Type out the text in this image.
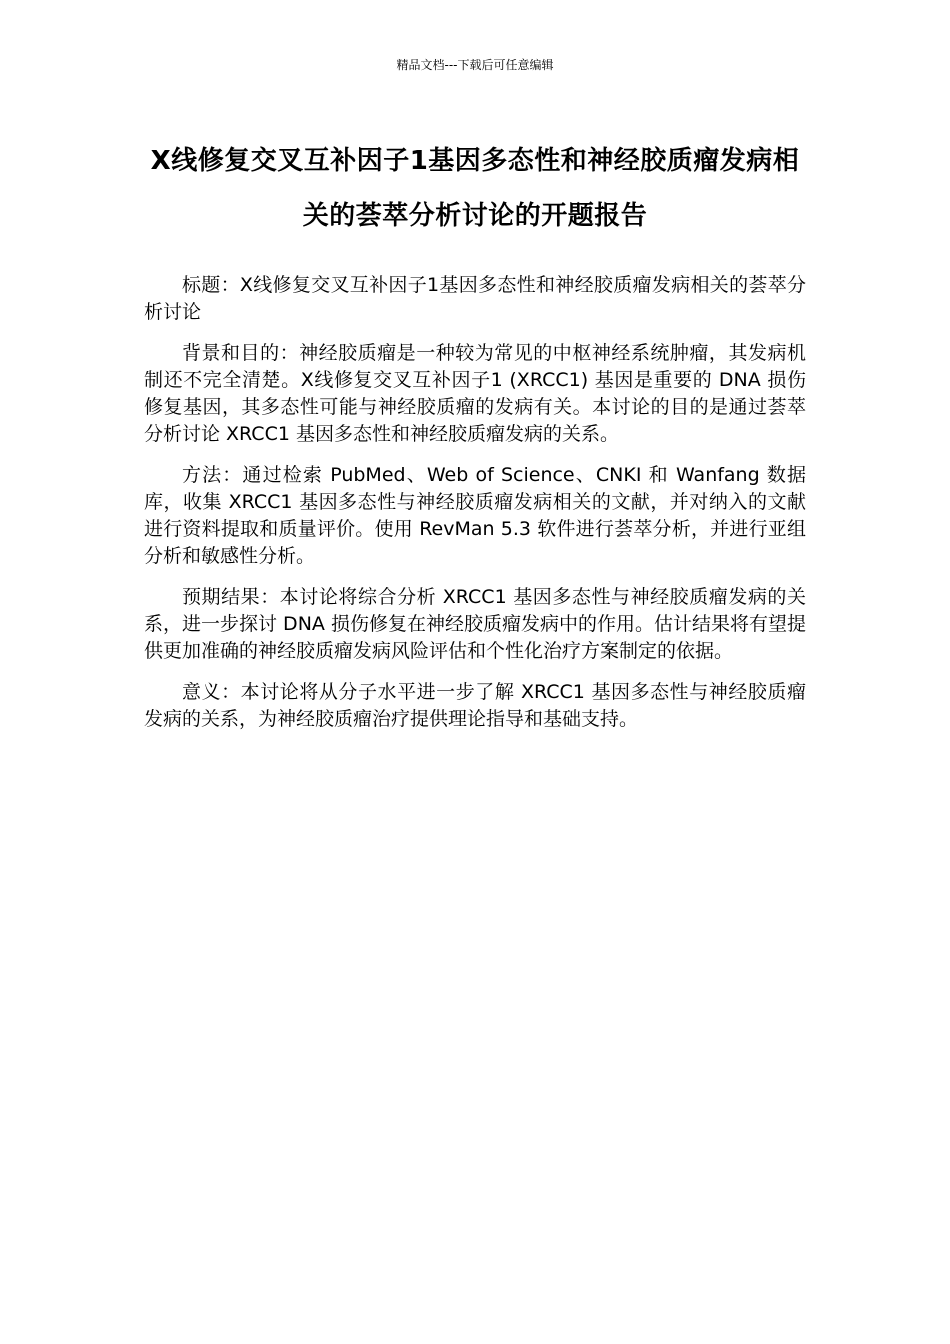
精品文档---下载后可任意编辑
X线修复交叉互补因子1基因多态性和神经胶质瘤发病相关的荟萃分析讨论的开题报告

标题：X线修复交叉互补因子1基因多态性和神经胶质瘤发病相关的荟萃分析讨论

背景和目的：神经胶质瘤是一种较为常见的中枢神经系统肿瘤，其发病机制还不完全清楚。X线修复交叉互补因子1 (XRCC1) 基因是重要的 DNA 损伤修复基因，其多态性可能与神经胶质瘤的发病有关。本讨论的目的是通过荟萃分析讨论 XRCC1 基因多态性和神经胶质瘤发病的关系。

方法：通过检索 PubMed、Web of Science、CNKI 和 Wanfang 数据库，收集 XRCC1 基因多态性与神经胶质瘤发病相关的文献，并对纳入的文献进行资料提取和质量评价。使用 RevMan 5.3 软件进行荟萃分析，并进行亚组分析和敏感性分析。

预期结果：本讨论将综合分析 XRCC1 基因多态性与神经胶质瘤发病的关系，进一步探讨 DNA 损伤修复在神经胶质瘤发病中的作用。估计结果将有望提供更加准确的神经胶质瘤发病风险评估和个性化治疗方案制定的依据。

意义：本讨论将从分子水平进一步了解 XRCC1 基因多态性与神经胶质瘤发病的关系，为神经胶质瘤治疗提供理论指导和基础支持。
